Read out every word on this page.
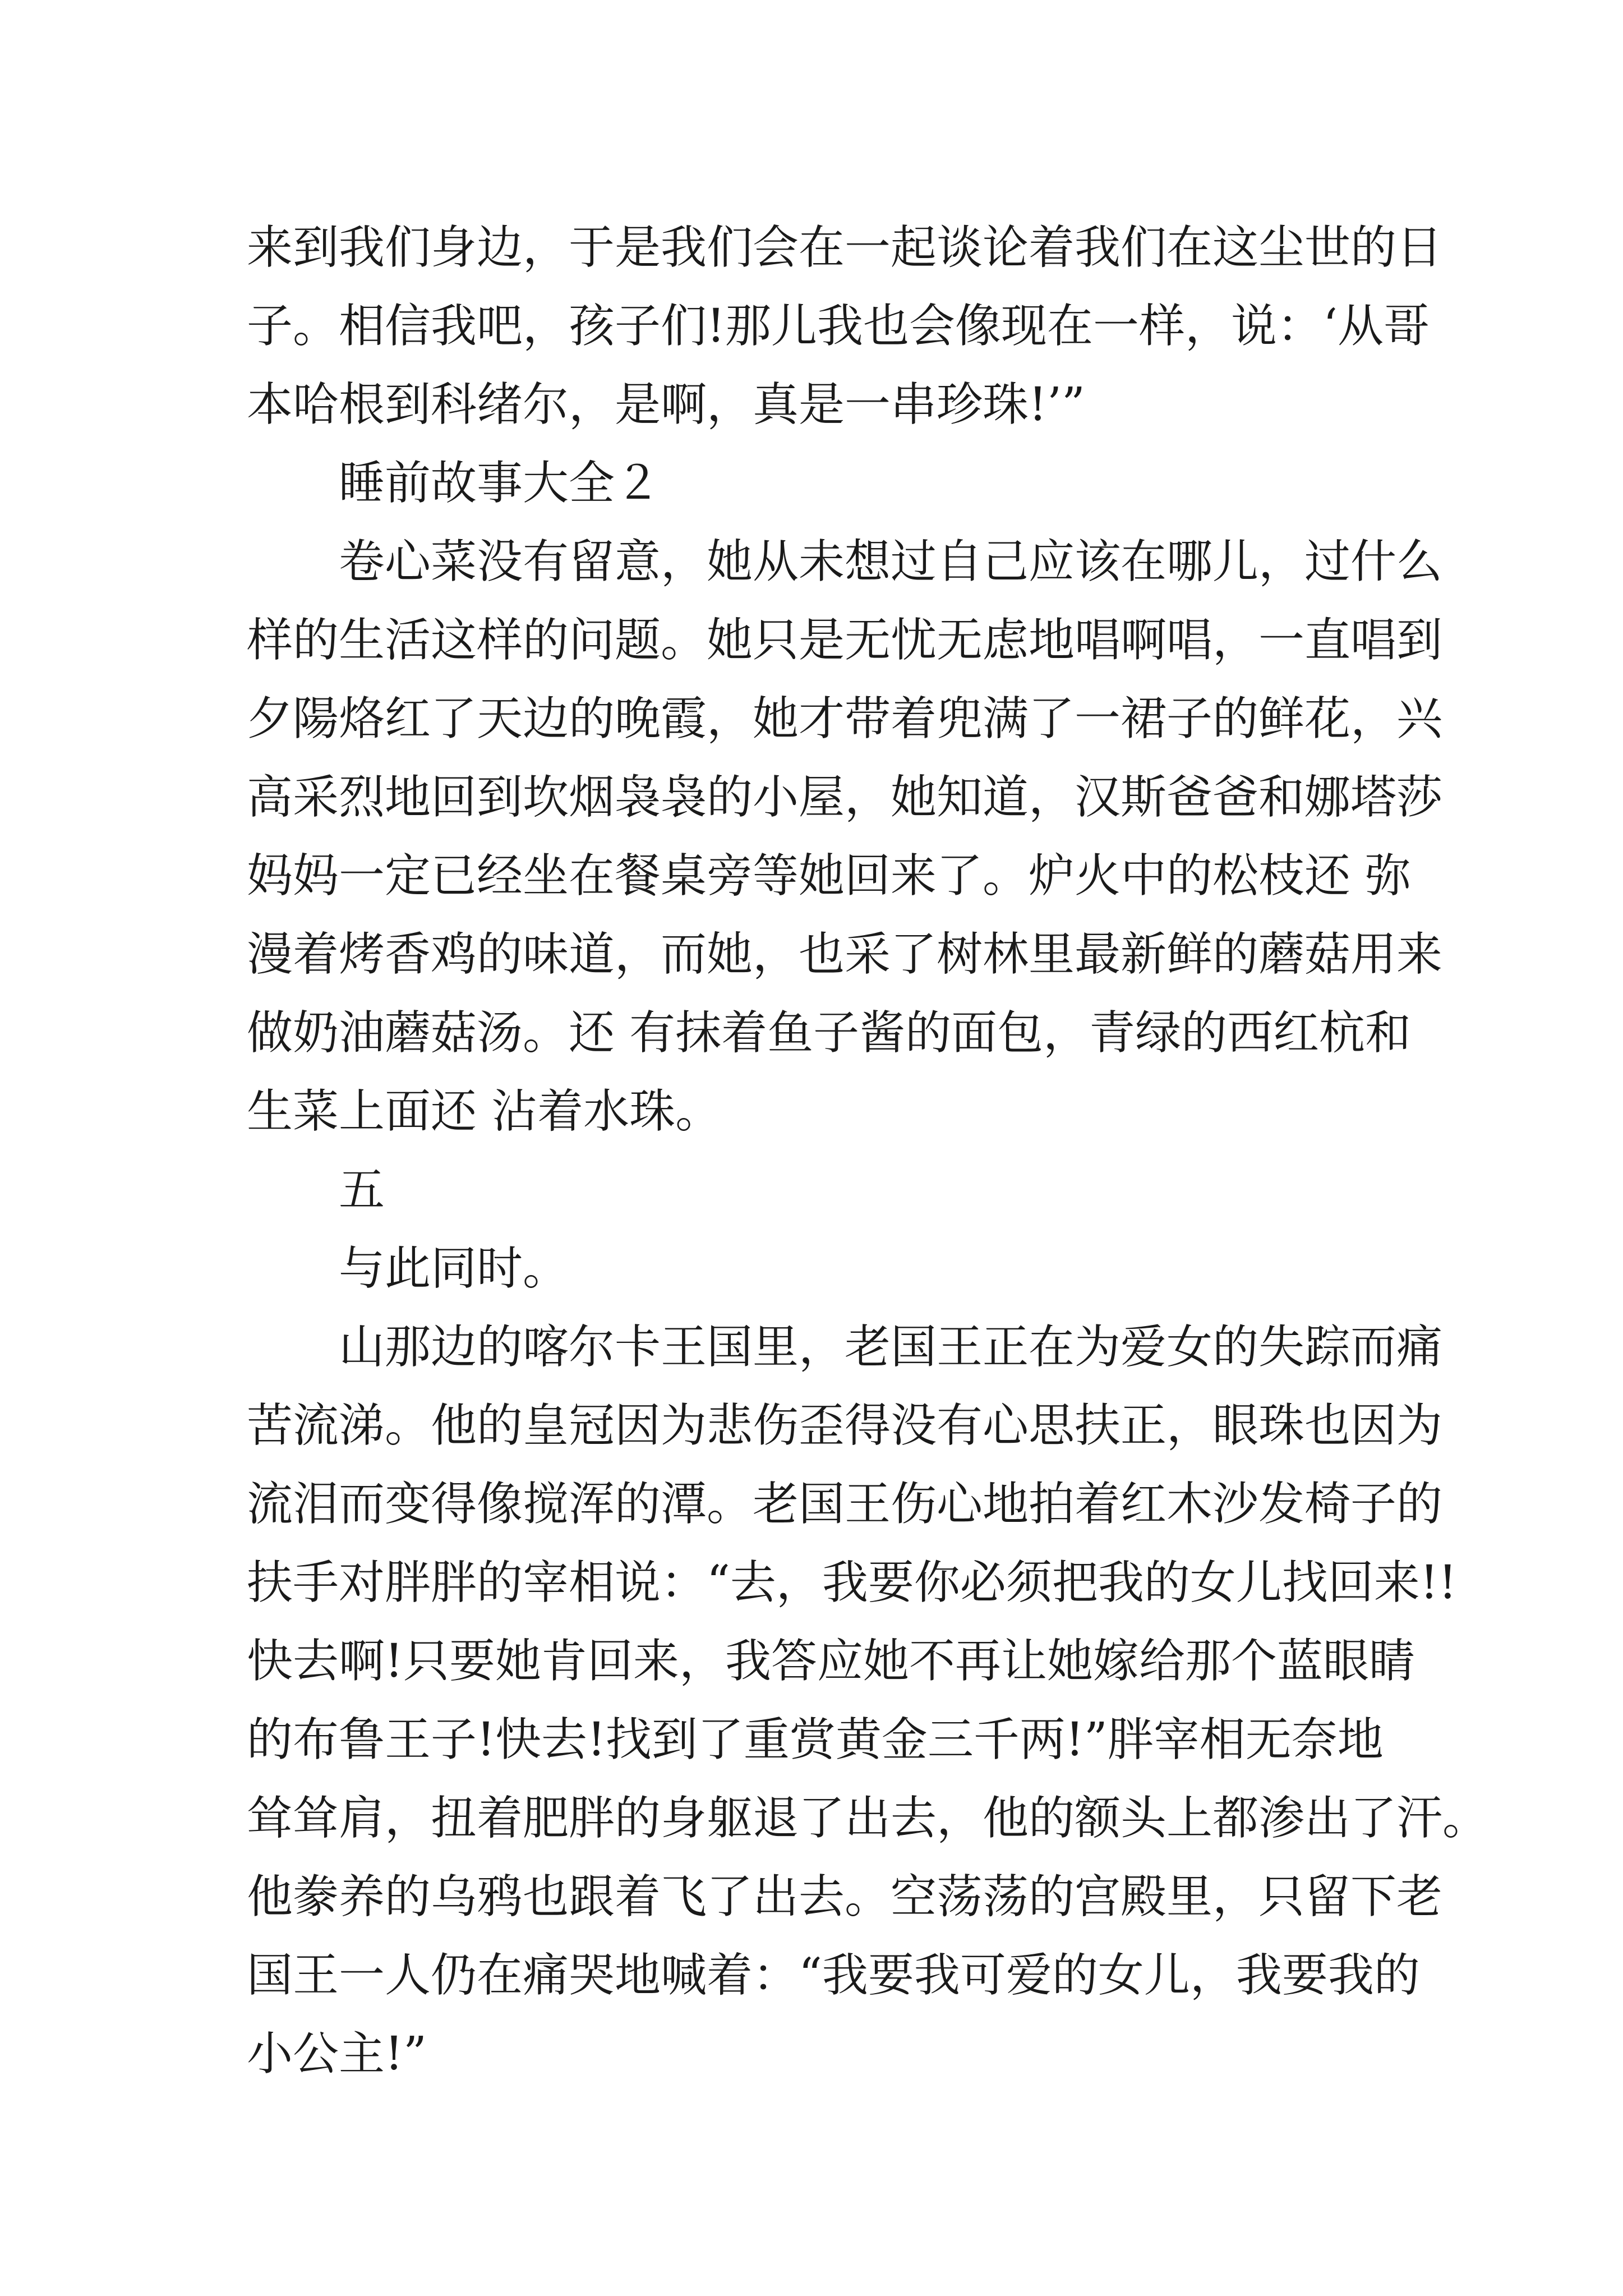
来到我们身边，于是我们会在一起谈论着我们在这尘世的日
子。相信我吧，孩子们!那儿我也会像现在一样，说：‘从哥
本哈根到科绪尔，是啊，真是一串珍珠!’”
睡前故事大全２
卷心菜没有留意，她从未想过自己应该在哪儿，过什么
样的生活这样的问题。她只是无忧无虑地唱啊唱，一直唱到
夕陽烙红了天边的晚霞，她才带着兜满了一裙子的鲜花，兴
高采烈地回到坎烟袅袅的小屋，她知道，汉斯爸爸和娜塔莎
妈妈一定已经坐在餐桌旁等她回来了。炉火中的松枝还 弥
漫着烤香鸡的味道，而她，也采了树林里最新鲜的蘑菇用来
做奶油蘑菇汤。还 有抹着鱼子酱的面包，青绿的西红杭和
生菜上面还 沾着水珠。
五
与此同时。
山那边的喀尔卡王国里，老国王正在为爱女的失踪而痛
苦流涕。他的皇冠因为悲伤歪得没有心思扶正，眼珠也因为
流泪而变得像搅浑的潭。老国王伤心地拍着红木沙发椅子的
扶手对胖胖的宰相说：“去，我要你必须把我的女儿找回来!!
快去啊!只要她肯回来，我答应她不再让她嫁给那个蓝眼睛
的布鲁王子!快去!找到了重赏黄金三千两!”胖宰相无奈地
耸耸肩，扭着肥胖的身躯退了出去，他的额头上都渗出了汗。
他豢养的乌鸦也跟着飞了出去。空荡荡的宫殿里，只留下老
国王一人仍在痛哭地喊着：“我要我可爱的女儿，我要我的
小公主!”
